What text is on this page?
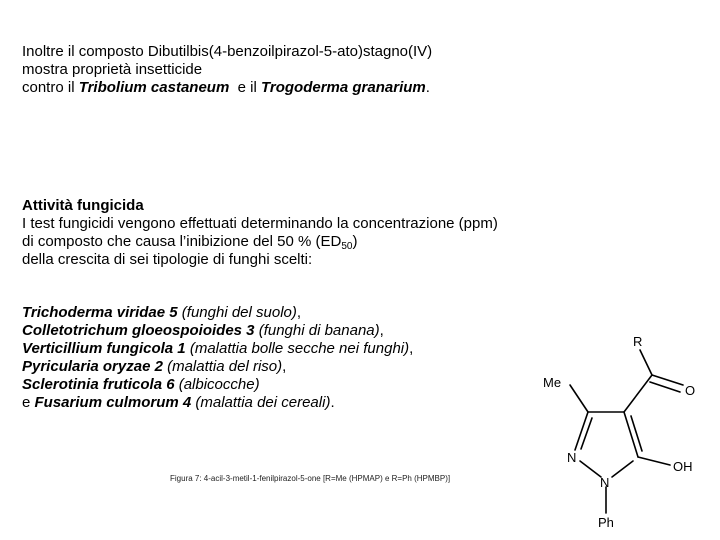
Inoltre il composto Dibutilbis(4-benzoilpirazol-5-ato)stagno(IV)
mostra proprietà insetticide
contro il Tribolium castaneum  e il Trogoderma granarium.
Attività fungicida
I test fungicidi vengono effettuati determinando la concentrazione (ppm)
di composto che causa l’inibizione del 50 % $(ED_{50})$
della crescita di sei tipologie di funghi scelti:
Trichoderma viridae 5 (funghi del suolo),
Colletotrichum gloeospoioides 3 (funghi di banana),
Verticillium fungicola 1 (malattia bolle secche nei funghi),
Pyricularia oryzae 2 (malattia del riso),
Sclerotinia fruticola 6 (albicocche)
e Fusarium culmorum 4 (malattia dei cereali).
Figura 7: 4-acil-3-metil-1-fenilpirazol-5-one [R=Me (HPMAP) e R=Ph (HPMBP)]
R
Me
O
N
OH
N
Ph
